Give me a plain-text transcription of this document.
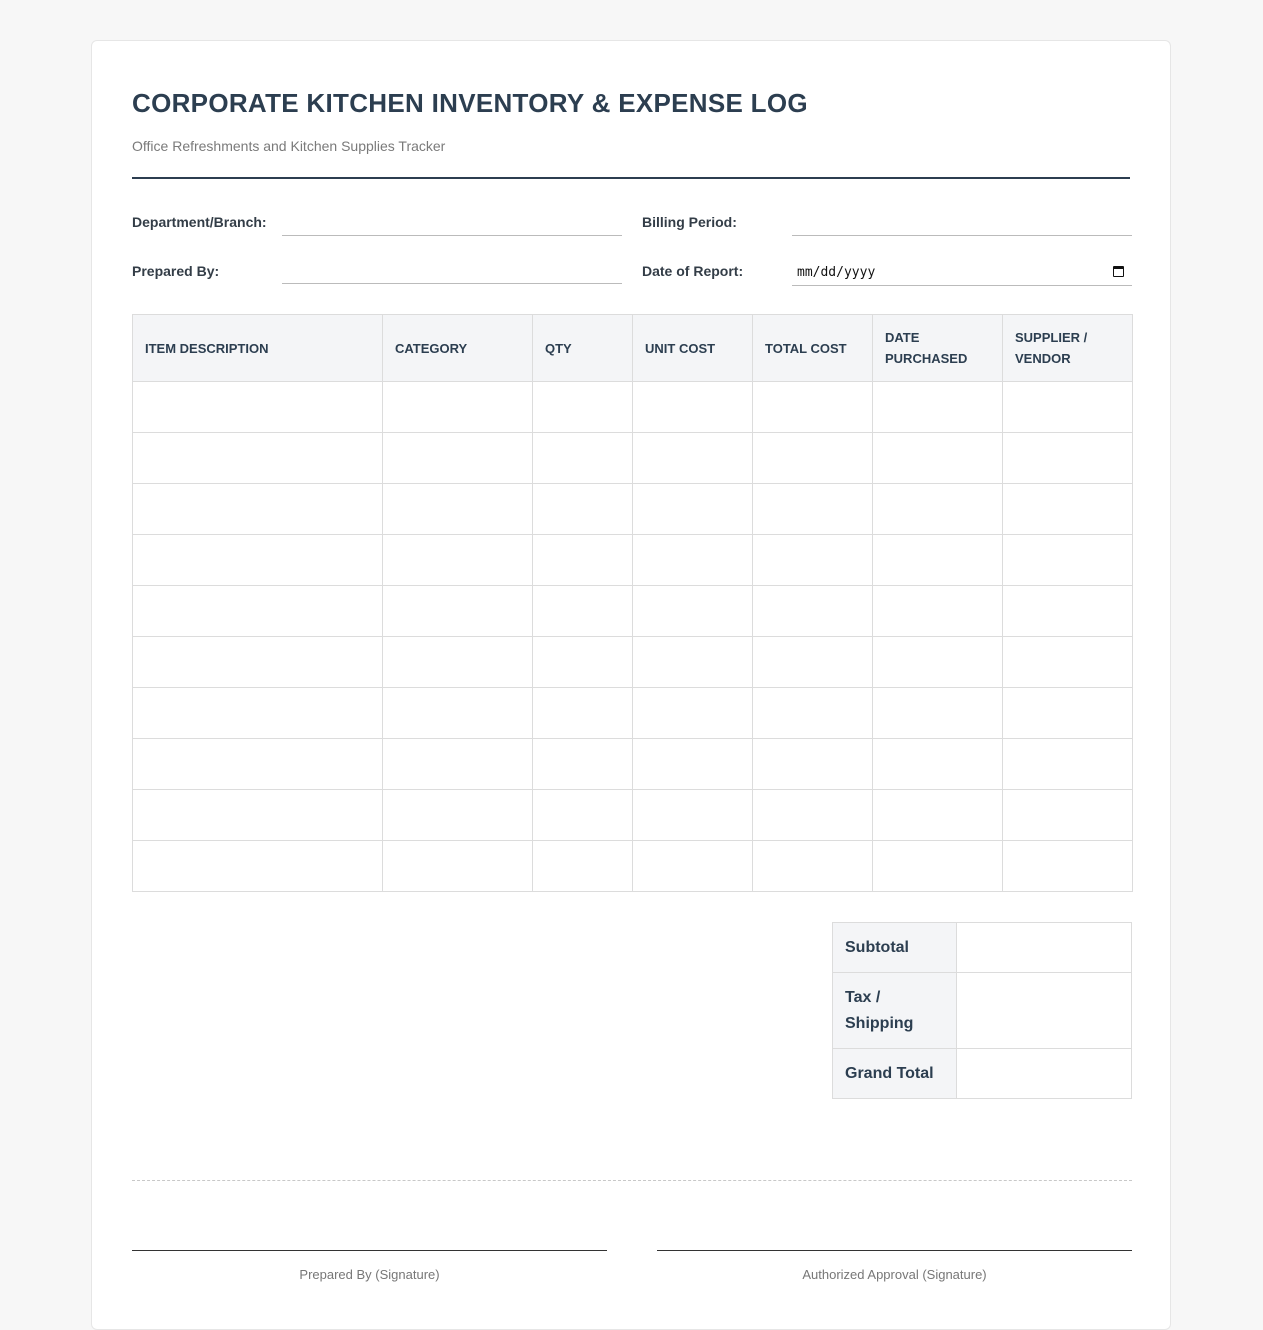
CORPORATE KITCHEN INVENTORY & EXPENSE LOG
Office Refreshments and Kitchen Supplies Tracker
Department/Branch:	Billing Period:
Prepared By:	Date of Report:	mm/dd/yyyy
ITEM DESCRIPTION	CATEGORY	QTY	UNIT COST	TOTAL COST	DATE PURCHASED	SUPPLIER / VENDOR

Subtotal	
Tax / Shipping	
Grand Total	
Prepared By (Signature)	Authorized Approval (Signature)
